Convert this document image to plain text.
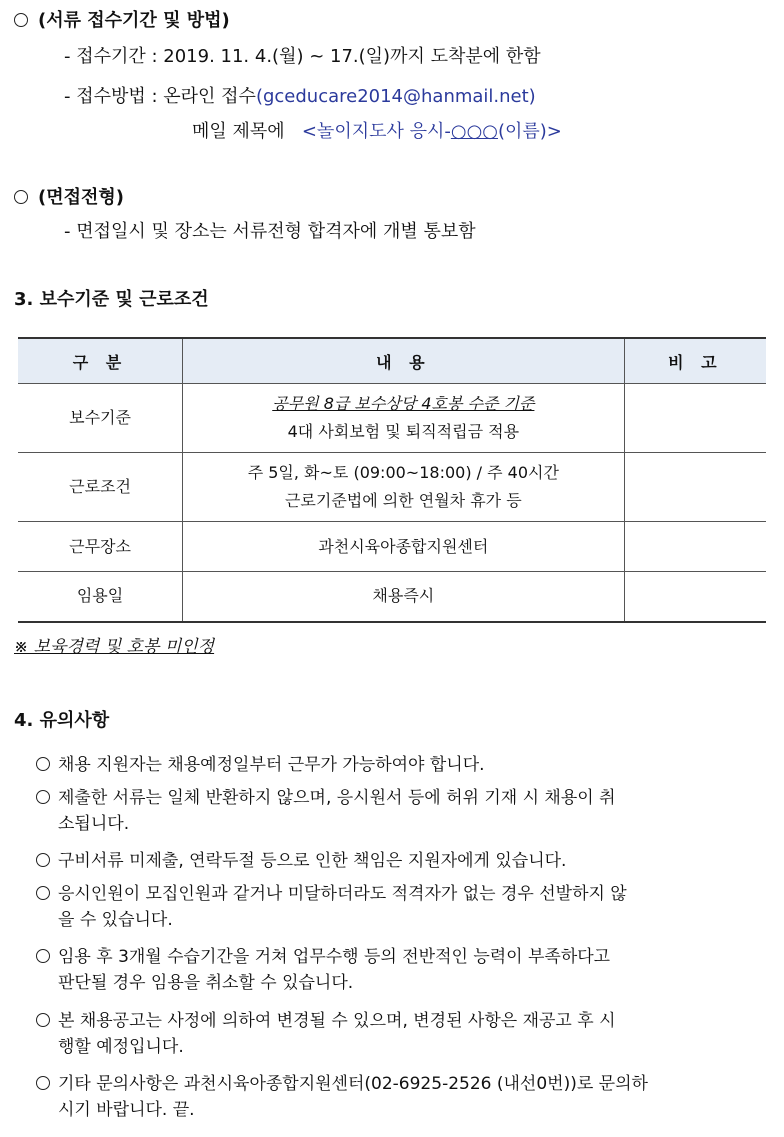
(서류 접수기간 및 방법)
- 접수기간 : 2019. 11. 4.(월) ~ 17.(일)까지 도착분에 한함
- 접수방법 : 온라인 접수(gceducare2014@hanmail.net)
메일 제목에 <놀이지도사 응시-○○○(이름)>
(면접전형)
- 면접일시 및 장소는 서류전형 합격자에 개별 통보함
3. 보수기준 및 근로조건
구 분	내 용	비 고
보수기준	공무원 8급 보수상당 4호봉 수준 기준
4대 사회보험 및 퇴직적립금 적용	

근로조건	주 5일, 화~토 (09:00~18:00) / 주 40시간
근로기준법에 의한 연월차 휴가 등	

근무장소	과천시육아종합지원센터	
임용일	채용즉시	
※ 보육경력 및 호봉 미인정
4. 유의사항
채용 지원자는 채용예정일부터 근무가 가능하여야 합니다.
제출한 서류는 일체 반환하지 않으며, 응시원서 등에 허위 기재 시 채용이 취
소됩니다.
구비서류 미제출, 연락두절 등으로 인한 책임은 지원자에게 있습니다.
응시인원이 모집인원과 같거나 미달하더라도 적격자가 없는 경우 선발하지 않
을 수 있습니다.
임용 후 3개월 수습기간을 거쳐 업무수행 등의 전반적인 능력이 부족하다고
판단될 경우 임용을 취소할 수 있습니다.
본 채용공고는 사정에 의하여 변경될 수 있으며, 변경된 사항은 재공고 후 시
행할 예정입니다.
기타 문의사항은 과천시육아종합지원센터(02-6925-2526 (내선0번))로 문의하
시기 바랍니다. 끝.
